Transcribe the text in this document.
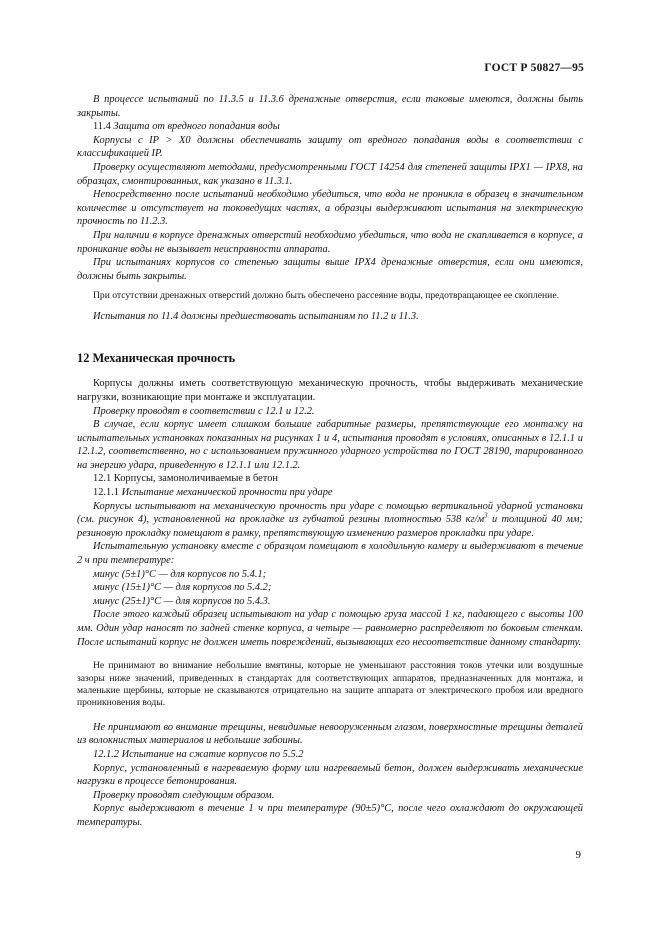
ГОСТ Р 50827—95

В процессе испытаний по 11.3.5 и 11.3.6 дренажные отверстия, если таковые имеются, должны быть закрыты.

11.4 Защита от вредного попадания воды

Корпусы с IP > X0 должны обеспечивать защиту от вредного попадания воды в соответствии с классификацией IP.

Проверку осуществляют методами, предусмотренными ГОСТ 14254 для степеней защиты IPX1 — IPX8, на образцах, смонтированных, как указано в 11.3.1.

Непосредственно после испытаний необходимо убедиться, что вода не проникла в образец в значительном количестве и отсутствует на токоведущих частях, а образцы выдерживают испытания на электрическую прочность по 11.2.3.

При наличии в корпусе дренажных отверстий необходимо убедиться, что вода не скапливается в корпусе, а проникание воды не вызывает неисправности аппарата.

При испытаниях корпусов со степенью защиты выше IPX4 дренажные отверстия, если они имеются, должны быть закрыты.

При отсутствии дренажных отверстий должно быть обеспечено рассеяние воды, предотвращающее ее скопление.

Испытания по 11.4 должны предшествовать испытаниям по 11.2 и 11.3.

12 Механическая прочность

Корпусы должны иметь соответствующую механическую прочность, чтобы выдерживать механические нагрузки, возникающие при монтаже и эксплуатации.

Проверку проводят в соответствии с 12.1 и 12.2.

В случае, если корпус имеет слишком большие габаритные размеры, препятствующие его монтажу на испытательных установках показанных на рисунках 1 и 4, испытания проводят в условиях, описанных в 12.1.1 и 12.1.2, соответственно, но с использованием пружинного ударного устройства по ГОСТ 28190, тарированного на энергию удара, приведенную в 12.1.1 или 12.1.2.

12.1 Корпусы, замоноличиваемые в бетон

12.1.1 Испытание механической прочности при ударе

Корпусы испытывают на механическую прочность при ударе с помощью вертикальной ударной установки (см. рисунок 4), установленной на прокладке из губчатой резины плотностью 538 $кг/м^3$ и толщиной 40 мм; резиновую прокладку помещают в рамку, препятствующую изменению размеров прокладки при ударе.

Испытательную установку вместе с образцом помещают в холодильную камеру и выдерживают в течение 2 ч при температуре:

минус (5±1)°С — для корпусов по 5.4.1;

минус (15±1)°С — для корпусов по 5.4.2;

минус (25±1)°С — для корпусов по 5.4.3.

После этого каждый образец испытывают на удар с помощью груза массой 1 кг, падающего с высоты 100 мм. Один удар наносят по задней стенке корпуса, а четыре — равномерно распределяют по боковым стенкам. После испытаний корпус не должен иметь повреждений, вызывающих его несоответствие данному стандарту.

Не принимают во внимание небольшие вмятины, которые не уменьшают расстояния токов утечки или воздушные зазоры ниже значений, приведенных в стандартах для соответствующих аппаратов, предназначенных для монтажа, и маленькие щербины, которые не сказываются отрицательно на защите аппарата от электрического пробоя или вредного проникновения воды.

Не принимают во внимание трещины, невидимые невооруженным глазом, поверхностные трещины деталей из волокнистых материалов и небольшие забоины.

12.1.2 Испытание на сжатие корпусов по 5.5.2

Корпус, установленный в нагреваемую форму или нагреваемый бетон, должен выдерживать механические нагрузки в процессе бетонирования.

Проверку проводят следующим образом.

Корпус выдерживают в течение 1 ч при температуре (90±5)°С, после чего охлаждают до окружающей температуры.

9
